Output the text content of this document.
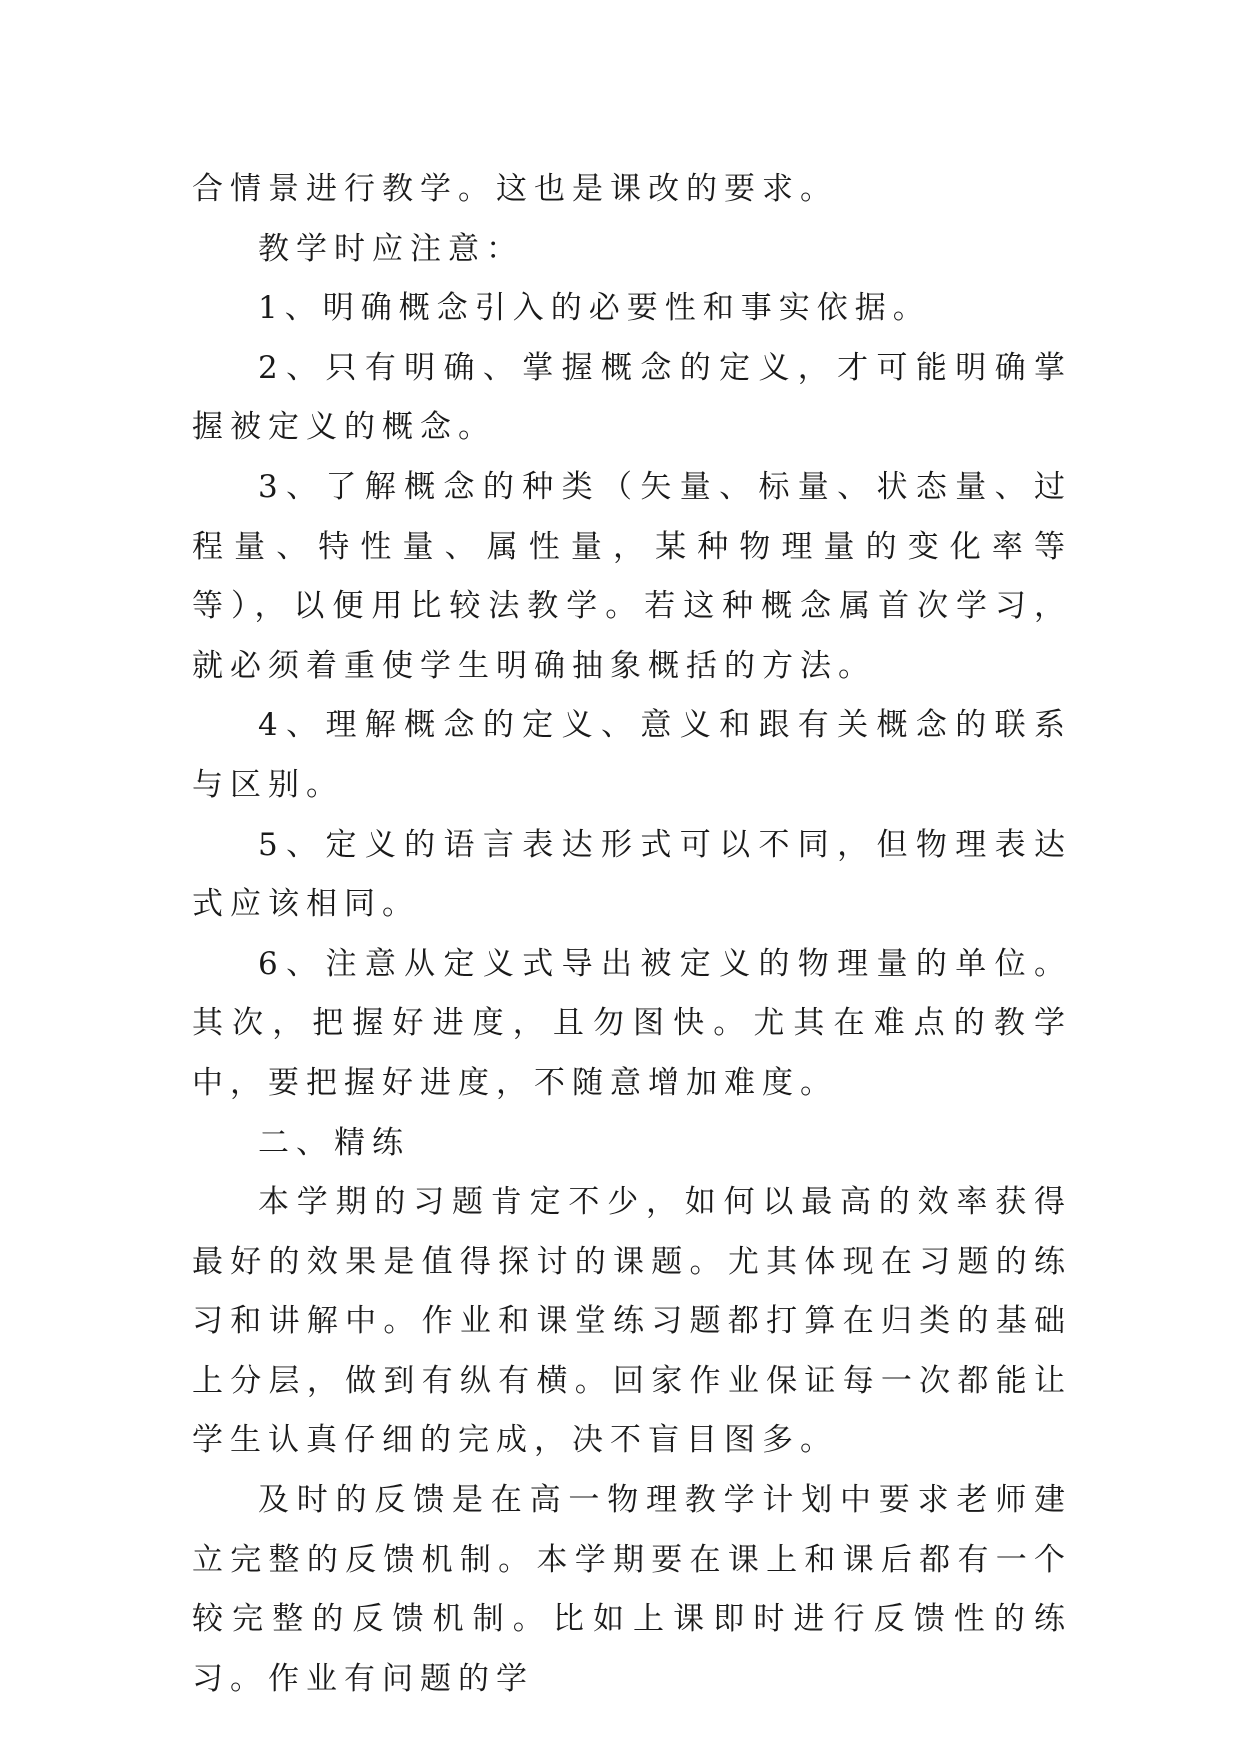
合情景进行教学。这也是课改的要求。

教学时应注意：

1、明确概念引入的必要性和事实依据。

2、只有明确、掌握概念的定义，才可能明确掌握被定义的概念。

3、了解概念的种类（矢量、标量、状态量、过程量、特性量、属性量，某种物理量的变化率等等），以便用比较法教学。若这种概念属首次学习，就必须着重使学生明确抽象概括的方法。

4、理解概念的定义、意义和跟有关概念的联系与区别。

5、定义的语言表达形式可以不同，但物理表达式应该相同。

6、注意从定义式导出被定义的物理量的单位。其次，把握好进度，且勿图快。尤其在难点的教学中，要把握好进度，不随意增加难度。

二、精练

本学期的习题肯定不少，如何以最高的效率获得最好的效果是值得探讨的课题。尤其体现在习题的练习和讲解中。作业和课堂练习题都打算在归类的基础上分层，做到有纵有横。回家作业保证每一次都能让学生认真仔细的完成，决不盲目图多。

及时的反馈是在高一物理教学计划中要求老师建立完整的反馈机制。本学期要在课上和课后都有一个较完整的反馈机制。比如上课即时进行反馈性的练习。作业有问题的学
